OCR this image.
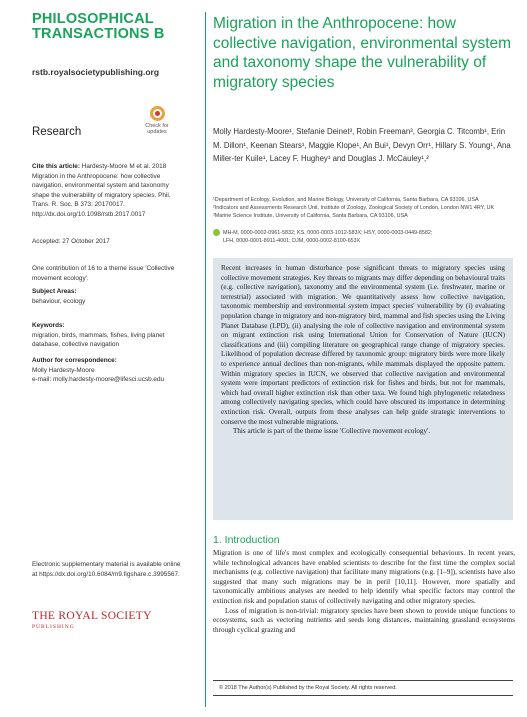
PHILOSOPHICAL
TRANSACTIONS B
rstb.royalsocietypublishing.org
Research	Check for
updates
Cite this article: Hardesty-Moore M et al. 2018 Migration in the Anthropocene: how collective navigation, environmental system and taxonomy shape the vulnerability of migratory species. Phil. Trans. R. Soc. B 373: 20170017. http://dx.doi.org/10.1098/rstb.2017.0017
Accepted: 27 October 2017
One contribution of 16 to a theme issue 'Collective movement ecology'.
Subject Areas:
behaviour, ecology
Keywords:
migration, birds, mammals, fishes, living planet database, collective navigation
Author for correspondence:
Molly Hardesty-Moore
e-mail: molly.hardesty-moore@lifesci.ucsb.edu
Electronic supplementary material is available online at https://dx.doi.org/10.6084/m9.figshare.c.3995567.
THE ROYAL SOCIETY
PUBLISHING
Migration in the Anthropocene: how collective navigation, environmental system and taxonomy shape the vulnerability of migratory species
Molly Hardesty-Moore¹, Stefanie Deinet³, Robin Freeman³, Georgia C. Titcomb¹, Erin M. Dillon¹, Keenan Stears¹, Maggie Klope¹, An Bui¹, Devyn Orr¹, Hillary S. Young¹, Ana Miller-ter Kuile¹, Lacey F. Hughey¹ and Douglas J. McCauley¹,²
¹Department of Ecology, Evolution, and Marine Biology, University of California, Santa Barbara, CA 93106, USA
²Indicators and Assessments Research Unit, Institute of Zoology, Zoological Society of London, London NW1 4RY, UK
³Marine Science Institute, University of California, Santa Barbara, CA 93106, USA
MH-M, 0000-0002-0961-5832; KS, 0000-0003-1012-583X; HSY, 0000-0003-0449-8582;
LFH, 0000-0001-8911-4001; DJM, 0000-0002-8100-653X

Recent increases in human disturbance pose significant threats to migratory species using collective movement strategies. Key threats to migrants may differ depending on behavioural traits (e.g. collective navigation), taxonomy and the environmental system (i.e. freshwater, marine or terrestrial) associated with migration. We quantitatively assess how collective navigation, taxonomic membership and environmental system impact species' vulnerability by (i) evaluating population change in migratory and non-migratory bird, mammal and fish species using the Living Planet Database (LPD), (ii) analysing the role of collective navigation and environmental system on migrant extinction risk using International Union for Conservation of Nature (IUCN) classifications and (iii) compiling literature on geographical range change of migratory species. Likelihood of population decrease differed by taxonomic group: migratory birds were more likely to experience annual declines than non-migrants, while mammals displayed the opposite pattern. Within migratory species in IUCN, we observed that collective navigation and environmental system were important predictors of extinction risk for fishes and birds, but not for mammals, which had overall higher extinction risk than other taxa. We found high phylogenetic relatedness among collectively navigating species, which could have obscured its importance in determining extinction risk. Overall, outputs from these analyses can help guide strategic interventions to conserve the most vulnerable migrations.

This article is part of the theme issue 'Collective movement ecology'.

1. Introduction

Migration is one of life's most complex and ecologically consequential behaviours. In recent years, while technological advances have enabled scientists to describe for the first time the complex social mechanisms (e.g. collective navigation) that facilitate many migrations (e.g. [1–9]), scientists have also suggested that many such migrations may be in peril [10,11]. However, more spatially and taxonomically ambitious analyses are needed to help identify what specific factors may control the extinction risk and population status of collectively navigating and other migratory species.

Loss of migration is non-trivial: migratory species have been shown to provide unique functions to ecosystems, such as vectoring nutrients and seeds long distances, maintaining grassland ecosystems through cyclical grazing and

© 2018 The Author(s) Published by the Royal Society. All rights reserved.
